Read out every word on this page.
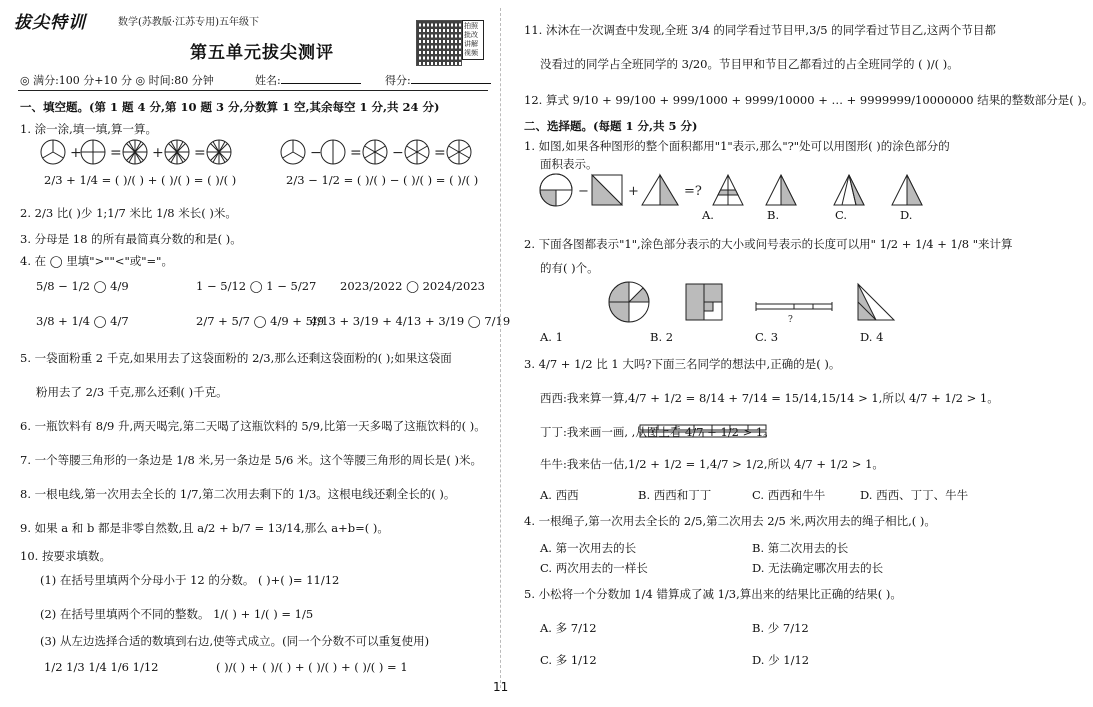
拔尖特训	数学(苏教版·江苏专用)五年级下
第五单元拔尖测评
拍照批改 讲解视频
◎ 满分:100 分+10 分 ◎ 时间:80 分钟	姓名:	得分:
一、填空题。(第 1 题 4 分,第 10 题 3 分,分数算 1 空,其余每空 1 分,共 24 分)
1. 涂一涂,填一填,算一算。
+ = + =	− = − =
2/3 + 1/4 = ( )/( ) + ( )/( ) = ( )/( )	2/3 − 1/2 = ( )/( ) − ( )/( ) = ( )/( )
2. 2/3 比( )少 1;1/7 米比 1/8 米长( )米。
3. 分母是 18 的所有最简真分数的和是( )。
4. 在 ◯ 里填">""<"或"="。
5/8 − 1/2 ◯ 4/9	1 − 5/12 ◯ 1 − 5/27 2023/2022 ◯ 2024/2023
3/8 + 1/4 ◯ 4/7	2/7 + 5/7 ◯ 4/9 + 5/9
4/13 + 3/19 + 4/13 + 3/19 ◯ 7/19
5. 一袋面粉重 2 千克,如果用去了这袋面粉的 2/3,那么还剩这袋面粉的( );如果这袋面
粉用去了 2/3 千克,那么还剩( )千克。
6. 一瓶饮料有 8/9 升,两天喝完,第二天喝了这瓶饮料的 5/9,比第一天多喝了这瓶饮料的( )。
7. 一个等腰三角形的一条边是 1/8 米,另一条边是 5/6 米。这个等腰三角形的周长是( )米。
8. 一根电线,第一次用去全长的 1/7,第二次用去剩下的 1/3。这根电线还剩全长的( )。
9. 如果 a 和 b 都是非零自然数,且 a/2 + b/7 = 13/14,那么 a+b=( )。
10. 按要求填数。
(1) 在括号里填两个分母小于 12 的分数。 ( )+( )= 11/12
(2) 在括号里填两个不同的整数。 1/( ) + 1/( ) = 1/5
(3) 从左边选择合适的数填到右边,使等式成立。(同一个分数不可以重复使用)
1/2 1/3 1/4 1/6 1/12	( )/( ) + ( )/( ) + ( )/( ) + ( )/( ) = 1
11. 沐沐在一次调查中发现,全班 3/4 的同学看过节目甲,3/5 的同学看过节目乙,这两个节目都
没看过的同学占全班同学的 3/20。节目甲和节目乙都看过的占全班同学的 ( )/( )。
12. 算式 9/10 + 99/100 + 999/1000 + 9999/10000 + … + 9999999/10000000 结果的整数部分是( )。
二、选择题。(每题 1 分,共 5 分)
1. 如图,如果各种图形的整个面积都用"1"表示,那么"?"处可以用图形( )的涂色部分的
面积表示。
−	+	=?
A.	B.	C.	D.
2. 下面各图都表示"1",涂色部分表示的大小或问号表示的长度可以用" 1/2 + 1/4 + 1/8 "来计算
的有( )个。
?
A. 1	B. 2	C. 3	D. 4
3. 4/7 + 1/2 比 1 大吗?下面三名同学的想法中,正确的是( )。
西西:我来算一算,4/7 + 1/2 = 8/14 + 7/14 = 15/14,15/14 > 1,所以 4/7 + 1/2 > 1。
丁丁:我来画一画, ,从图上看 4/7 + 1/2 > 1。
牛牛:我来估一估,1/2 + 1/2 = 1,4/7 > 1/2,所以 4/7 + 1/2 > 1。
A. 西西	B. 西西和丁丁	C. 西西和牛牛	D. 西西、丁丁、牛牛
4. 一根绳子,第一次用去全长的 2/5,第二次用去 2/5 米,两次用去的绳子相比,( )。
A. 第一次用去的长	B. 第二次用去的长
C. 两次用去的一样长	D. 无法确定哪次用去的长
5. 小松将一个分数加 1/4 错算成了减 1/3,算出来的结果比正确的结果( )。
A. 多 7/12	B. 少 7/12
C. 多 1/12	D. 少 1/12
11
